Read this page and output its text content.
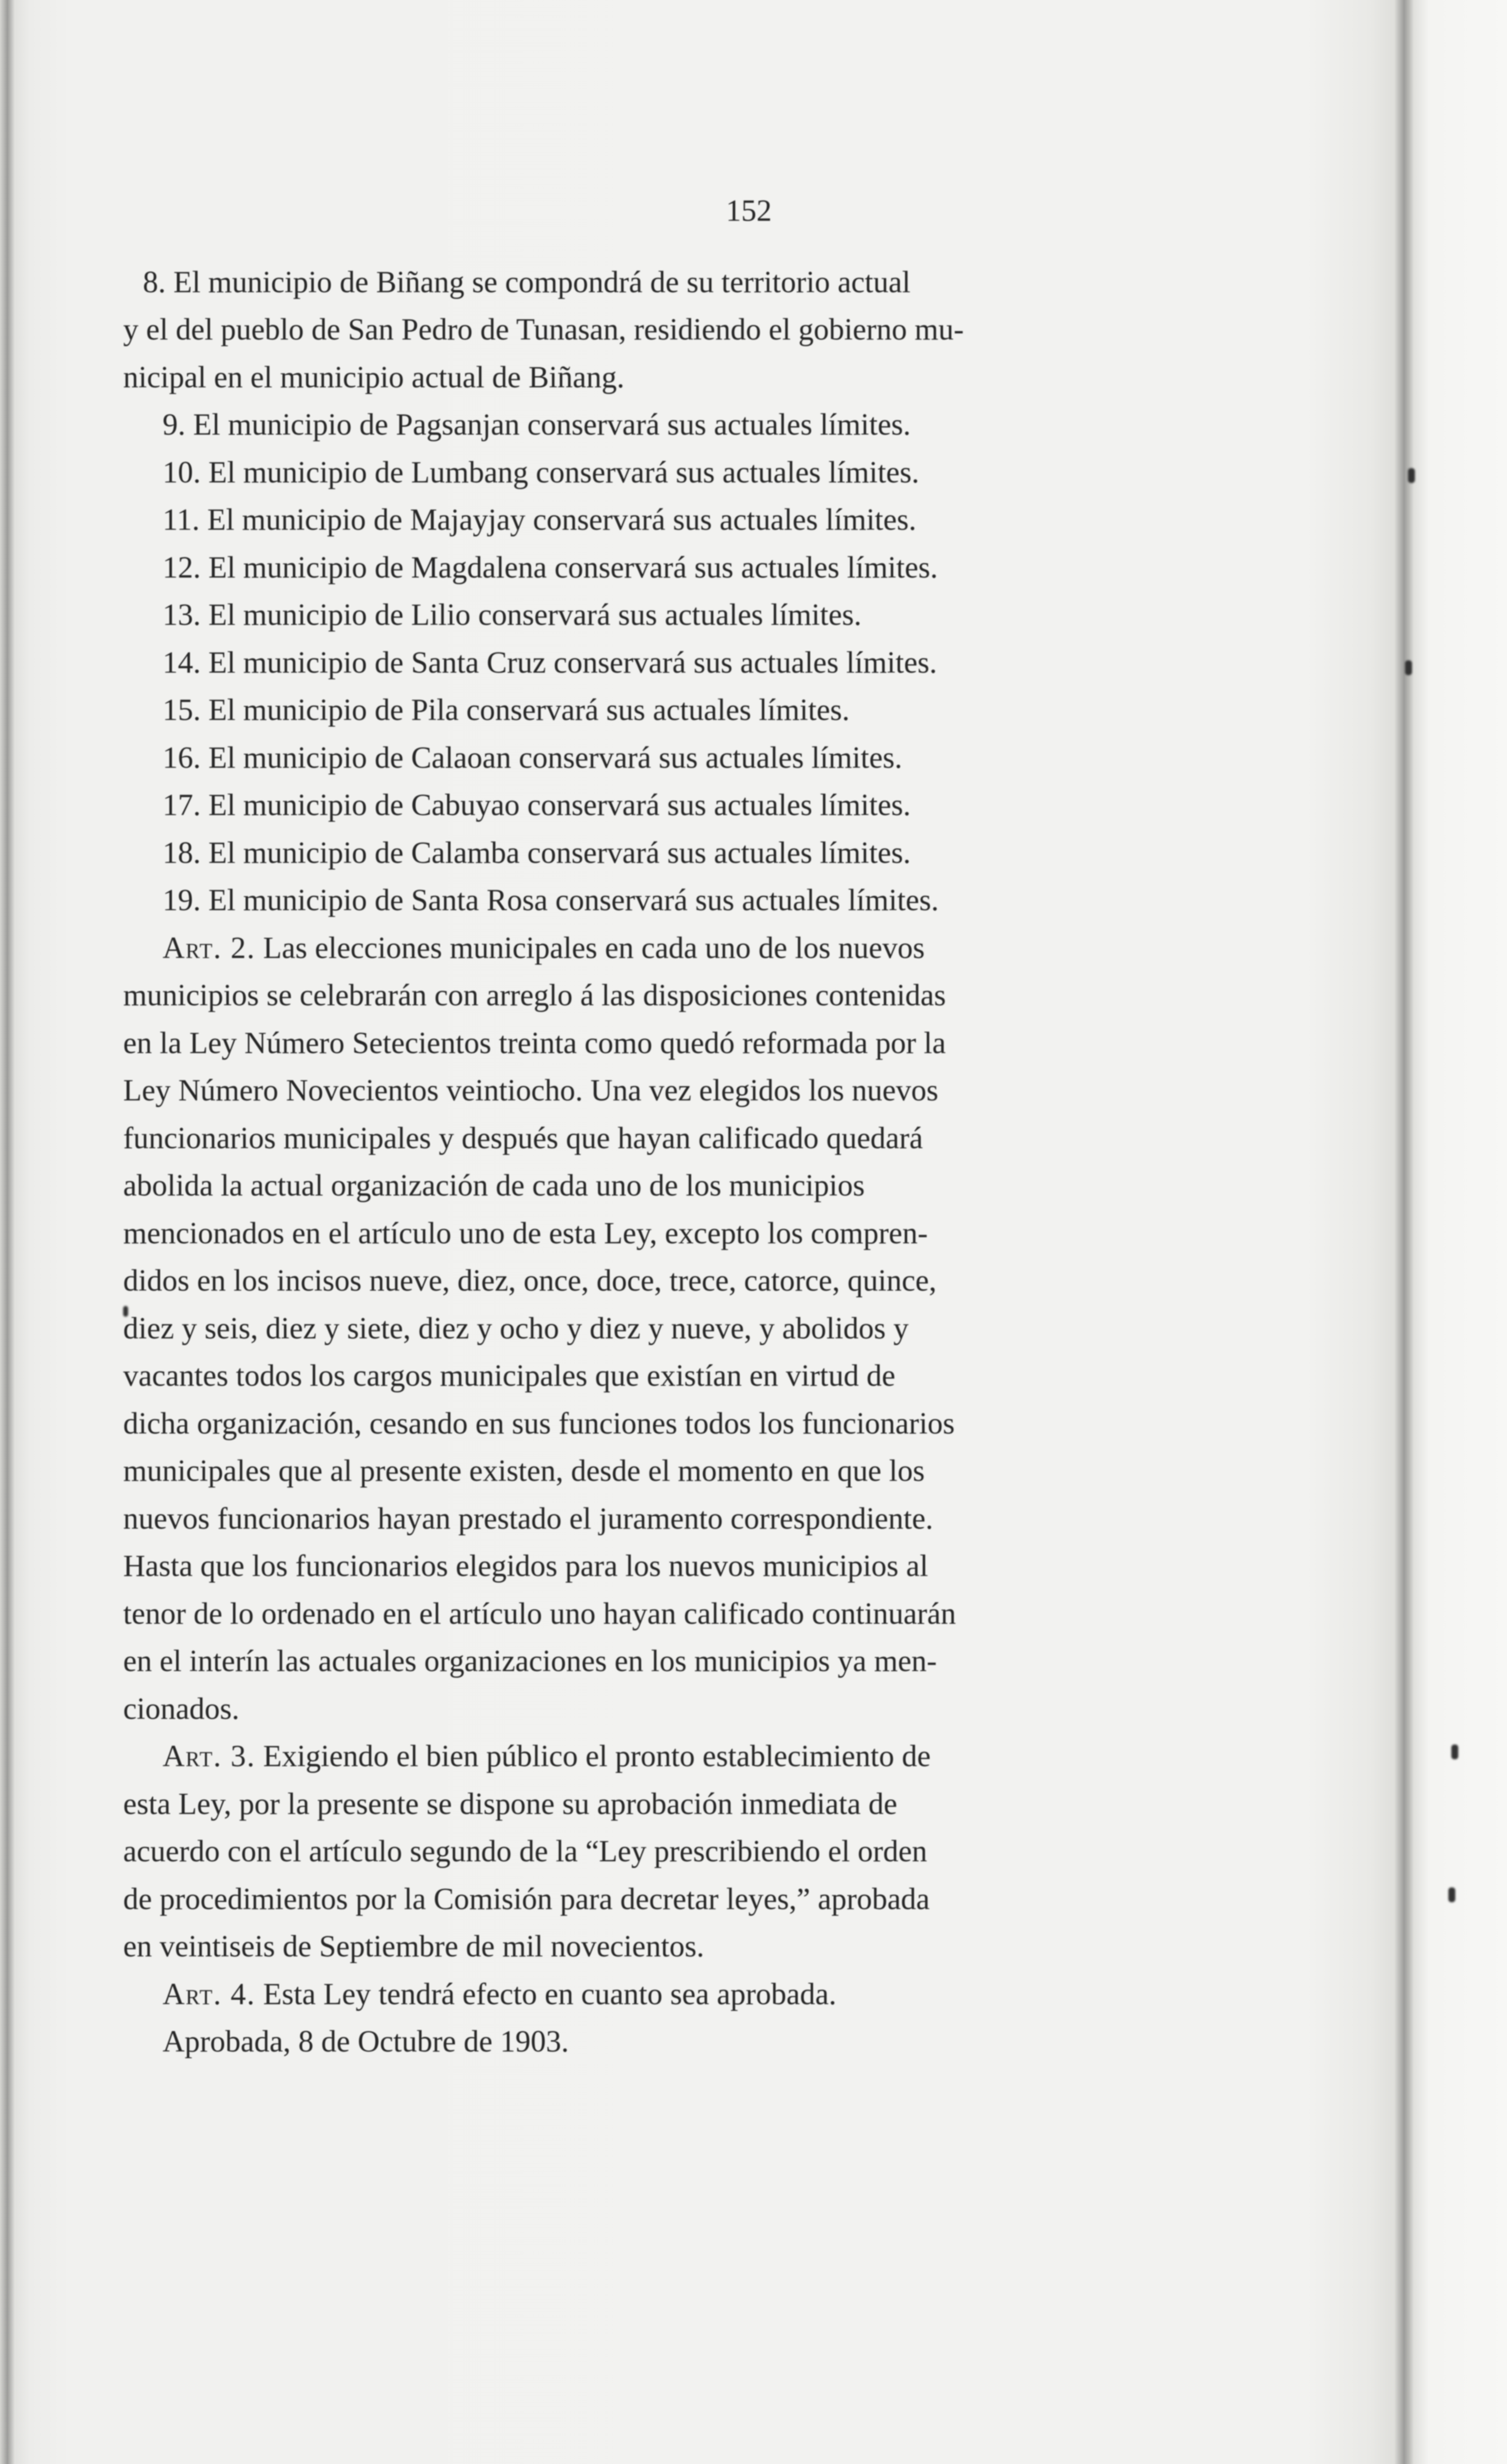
152
8. El municipio de Biñang se compondrá de su territorio actual
y el del pueblo de San Pedro de Tunasan, residiendo el gobierno mu-
nicipal en el municipio actual de Biñang.
9. El municipio de Pagsanjan conservará sus actuales límites.
10. El municipio de Lumbang conservará sus actuales límites.
11. El municipio de Majayjay conservará sus actuales límites.
12. El municipio de Magdalena conservará sus actuales límites.
13. El municipio de Lilio conservará sus actuales límites.
14. El municipio de Santa Cruz conservará sus actuales límites.
15. El municipio de Pila conservará sus actuales límites.
16. El municipio de Calaoan conservará sus actuales límites.
17. El municipio de Cabuyao conservará sus actuales límites.
18. El municipio de Calamba conservará sus actuales límites.
19. El municipio de Santa Rosa conservará sus actuales límites.
Art. 2. Las elecciones municipales en cada uno de los nuevos
municipios se celebrarán con arreglo á las disposiciones contenidas
en la Ley Número Setecientos treinta como quedó reformada por la
Ley Número Novecientos veintiocho. Una vez elegidos los nuevos
funcionarios municipales y después que hayan calificado quedará
abolida la actual organización de cada uno de los municipios
mencionados en el artículo uno de esta Ley, excepto los compren-
didos en los incisos nueve, diez, once, doce, trece, catorce, quince,
diez y seis, diez y siete, diez y ocho y diez y nueve, y abolidos y
vacantes todos los cargos municipales que existían en virtud de
dicha organización, cesando en sus funciones todos los funcionarios
municipales que al presente existen, desde el momento en que los
nuevos funcionarios hayan prestado el juramento correspondiente.
Hasta que los funcionarios elegidos para los nuevos municipios al
tenor de lo ordenado en el artículo uno hayan calificado continuarán
en el interín las actuales organizaciones en los municipios ya men-
cionados.
Art. 3. Exigiendo el bien público el pronto establecimiento de
esta Ley, por la presente se dispone su aprobación inmediata de
acuerdo con el artículo segundo de la “Ley prescribiendo el orden
de procedimientos por la Comisión para decretar leyes,” aprobada
en veintiseis de Septiembre de mil novecientos.
Art. 4. Esta Ley tendrá efecto en cuanto sea aprobada.
Aprobada, 8 de Octubre de 1903.
